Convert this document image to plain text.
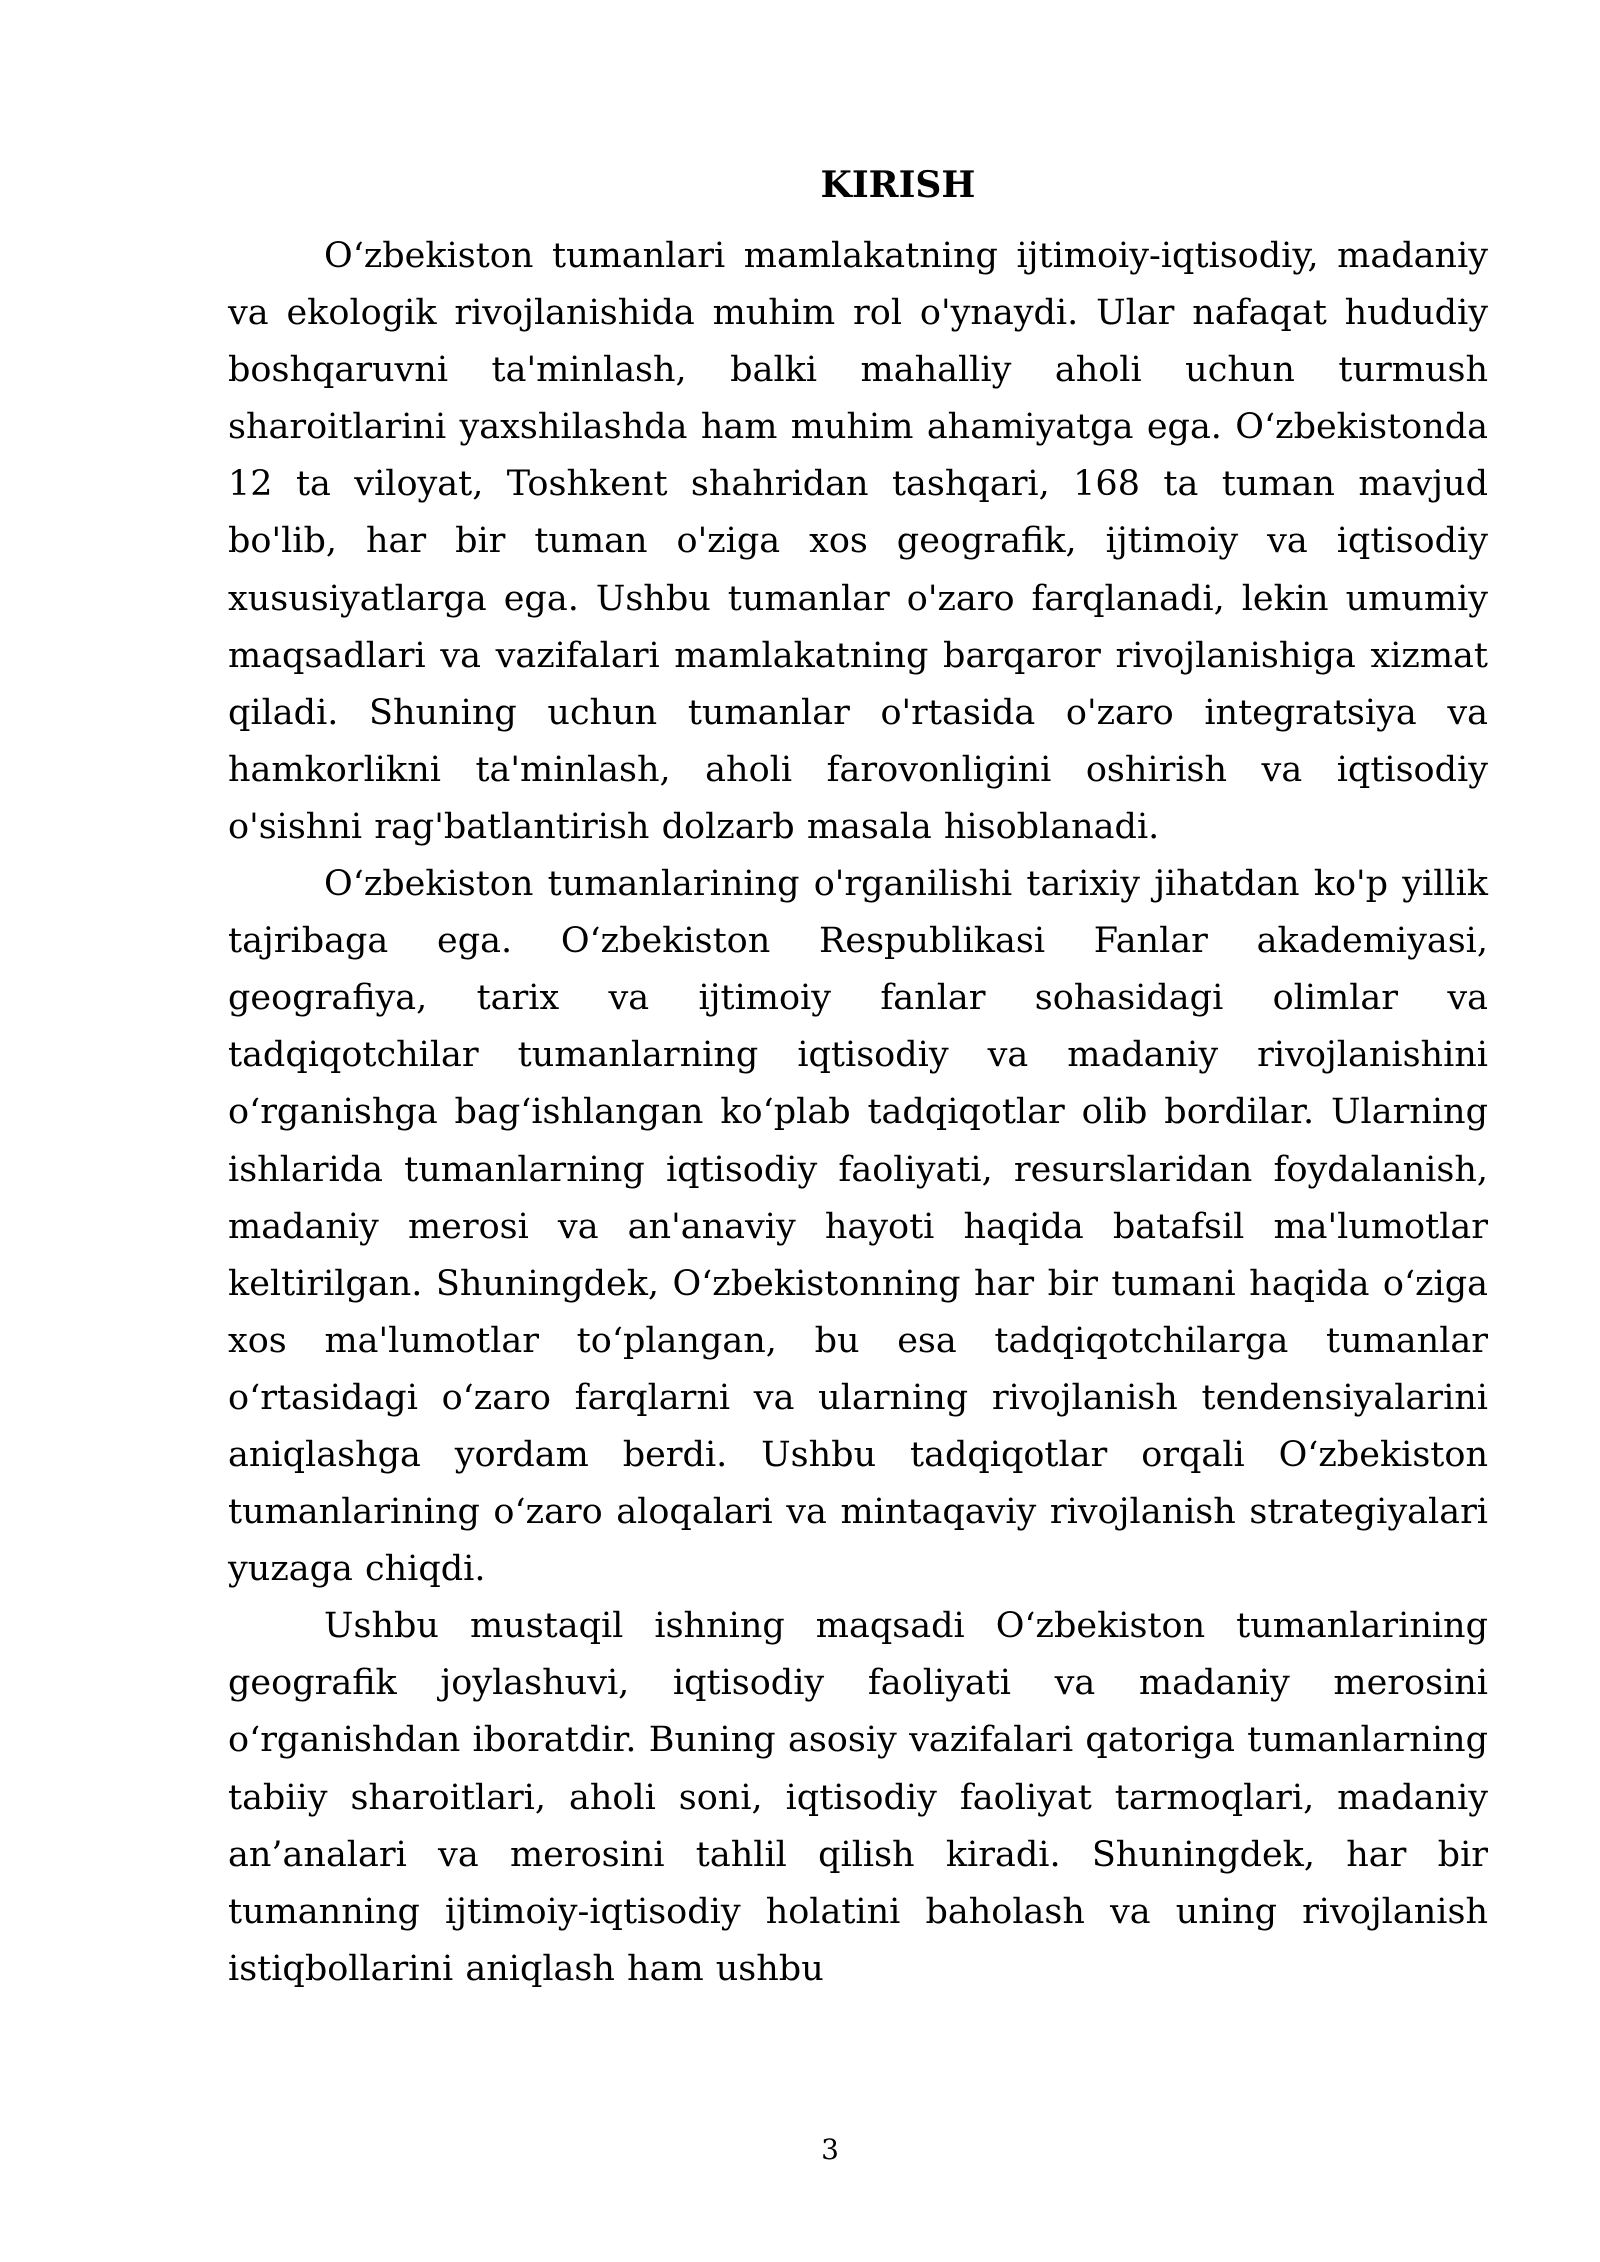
KIRISH

O‘zbekiston tumanlari mamlakatning ijtimoiy-iqtisodiy, madaniy va ekologik rivojlanishida muhim rol o'ynaydi. Ular nafaqat hududiy boshqaruvni ta'minlash, balki mahalliy aholi uchun turmush sharoitlarini yaxshilashda ham muhim ahamiyatga ega. O‘zbekistonda 12 ta viloyat, Toshkent shahridan tashqari, 168 ta tuman mavjud bo'lib, har bir tuman o'ziga xos geografik, ijtimoiy va iqtisodiy xususiyatlarga ega. Ushbu tumanlar o'zaro farqlanadi, lekin umumiy maqsadlari va vazifalari mamlakatning barqaror rivojlanishiga xizmat qiladi. Shuning uchun tumanlar o'rtasida o'zaro integratsiya va hamkorlikni ta'minlash, aholi farovonligini oshirish va iqtisodiy o'sishni rag'batlantirish dolzarb masala hisoblanadi.

O‘zbekiston tumanlarining o'rganilishi tarixiy jihatdan ko'p yillik tajribaga ega. O‘zbekiston Respublikasi Fanlar akademiyasi, geografiya, tarix va ijtimoiy fanlar sohasidagi olimlar va tadqiqotchilar tumanlarning iqtisodiy va madaniy rivojlanishini o‘rganishga bag‘ishlangan ko‘plab tadqiqotlar olib bordilar. Ularning ishlarida tumanlarning iqtisodiy faoliyati, resurslaridan foydalanish, madaniy merosi va an'anaviy hayoti haqida batafsil ma'lumotlar keltirilgan. Shuningdek, O‘zbekistonning har bir tumani haqida o‘ziga xos ma'lumotlar to‘plangan, bu esa tadqiqotchilarga tumanlar o‘rtasidagi o‘zaro farqlarni va ularning rivojlanish tendensiyalarini aniqlashga yordam berdi. Ushbu tadqiqotlar orqali O‘zbekiston tumanlarining o‘zaro aloqalari va mintaqaviy rivojlanish strategiyalari yuzaga chiqdi.

Ushbu mustaqil ishning maqsadi O‘zbekiston tumanlarining geografik joylashuvi, iqtisodiy faoliyati va madaniy merosini o‘rganishdan iboratdir. Buning asosiy vazifalari qatoriga tumanlarning tabiiy sharoitlari, aholi soni, iqtisodiy faoliyat tarmoqlari, madaniy an’analari va merosini tahlil qilish kiradi. Shuningdek, har bir tumanning ijtimoiy-iqtisodiy holatini baholash va uning rivojlanish istiqbollarini aniqlash ham ushbu

3
